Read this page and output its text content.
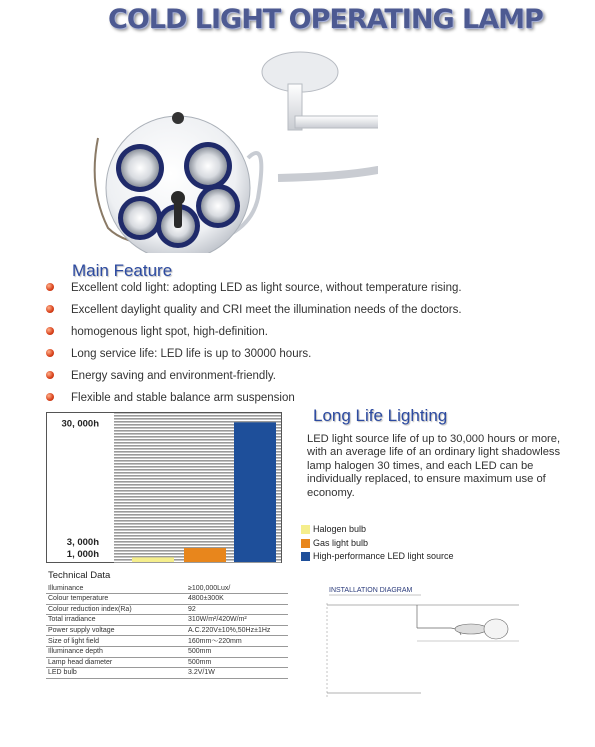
COLD LIGHT OPERATING LAMP
Main Feature
Excellent cold light: adopting LED as light source, without temperature rising.
Excellent daylight quality and CRI meet the illumination needs of the doctors.
homogenous light spot, high-definition.
Long service life: LED life is up to 30000 hours.
Energy saving and environment-friendly.
Flexible and stable balance arm suspension
30, 000h
3, 000h
1, 000h
Long Life Lighting
LED light source life of up to 30,000 hours or more, with an average life of an ordinary light shadowless lamp halogen 30 times, and each LED can be individually replaced, to ensure maximum use of economy.
Halogen bulb
Gas light bulb
High-performance LED light source
Technical Data
Illuminance	≥100,000Lux/
Colour temperature	4800±300K
Colour reduction index(Ra)	92
Total irradiance	310W/m²/420W/m²
Power supply voltage	A.C.220V±10%,50Hz±1Hz
Size of light field	160mm～220mm
Illuminance depth	500mm
Lamp head diameter	500mm
LED bulb	3.2V/1W
INSTALLATION DIAGRAM
